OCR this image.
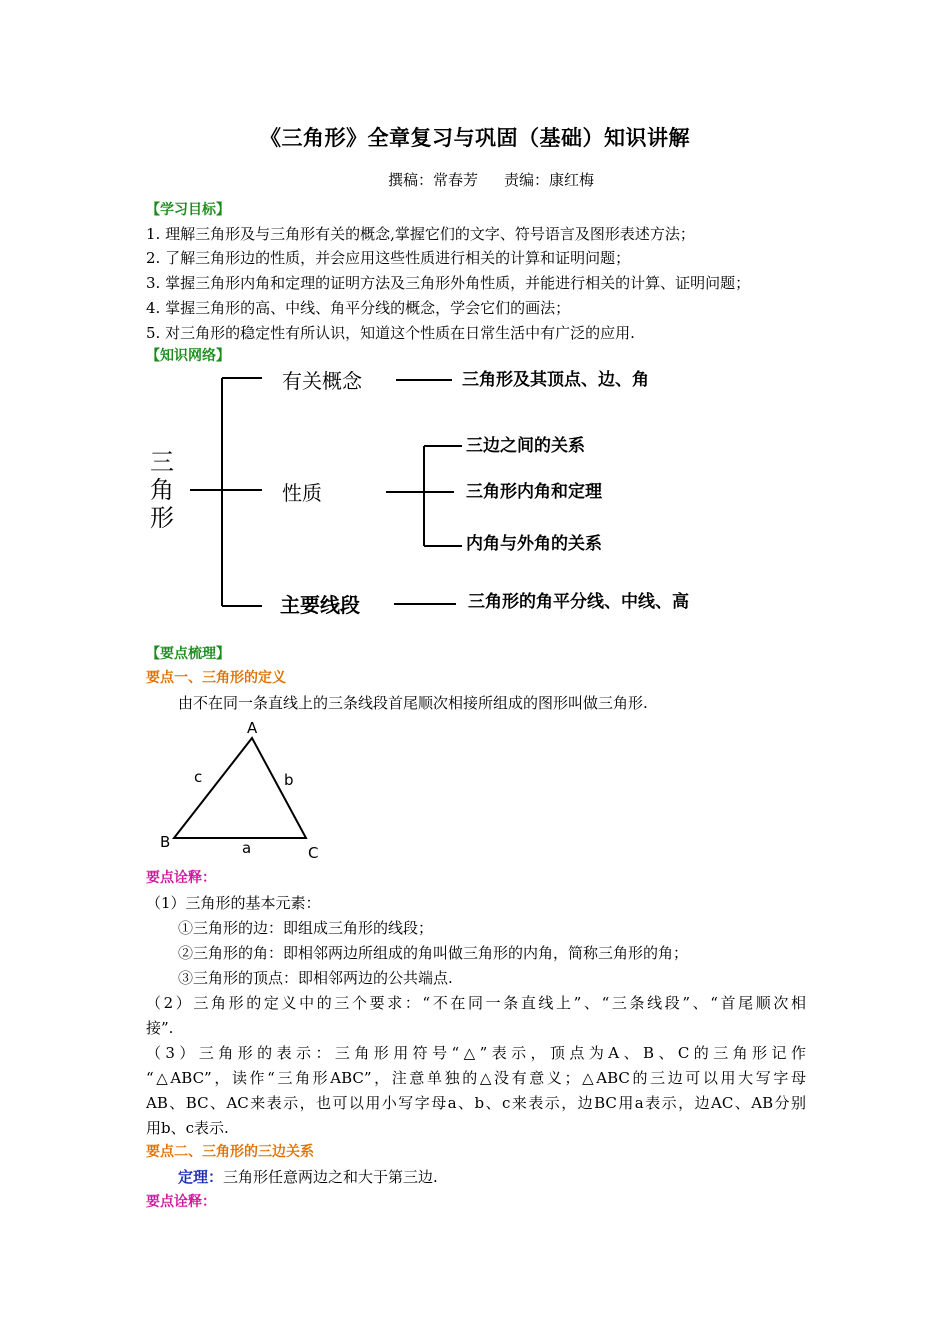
《三角形》全章复习与巩固（基础）知识讲解
撰稿：常春芳 责编：康红梅
【学习目标】
1. 理解三角形及与三角形有关的概念,掌握它们的文字、符号语言及图形表述方法；
2. 了解三角形边的性质，并会应用这些性质进行相关的计算和证明问题；
3. 掌握三角形内角和定理的证明方法及三角形外角性质，并能进行相关的计算、证明问题；
4. 掌握三角形的高、中线、角平分线的概念，学会它们的画法；
5. 对三角形的稳定性有所认识，知道这个性质在日常生活中有广泛的应用.
【知识网络】
三角形
有关概念	三角形及其顶点、边、角
性质
三边之间的关系
三角形内角和定理
内角与外角的关系
主要线段	三角形的角平分线、中线、高
【要点梳理】
要点一、三角形的定义
由不在同一条直线上的三条线段首尾顺次相接所组成的图形叫做三角形.
A
B
C
a
b
c
要点诠释：
（1）三角形的基本元素：
①三角形的边：即组成三角形的线段；
②三角形的角：即相邻两边所组成的角叫做三角形的内角，简称三角形的角；
③三角形的顶点：即相邻两边的公共端点.
（2）三角形的定义中的三个要求：“不在同一条直线上”、“三条线段”、“首尾顺次相
接”.
（3）三角形的表示：三角形用符号“△”表示，顶点为A、B、C的三角形记作
“△ABC”，读作“三角形ABC”，注意单独的△没有意义；△ABC的三边可以用大写字母
AB、BC、AC来表示，也可以用小写字母a、b、c来表示，边BC用a表示，边AC、AB分别
用b、c表示.
要点二、三角形的三边关系
定理：三角形任意两边之和大于第三边.
要点诠释：
